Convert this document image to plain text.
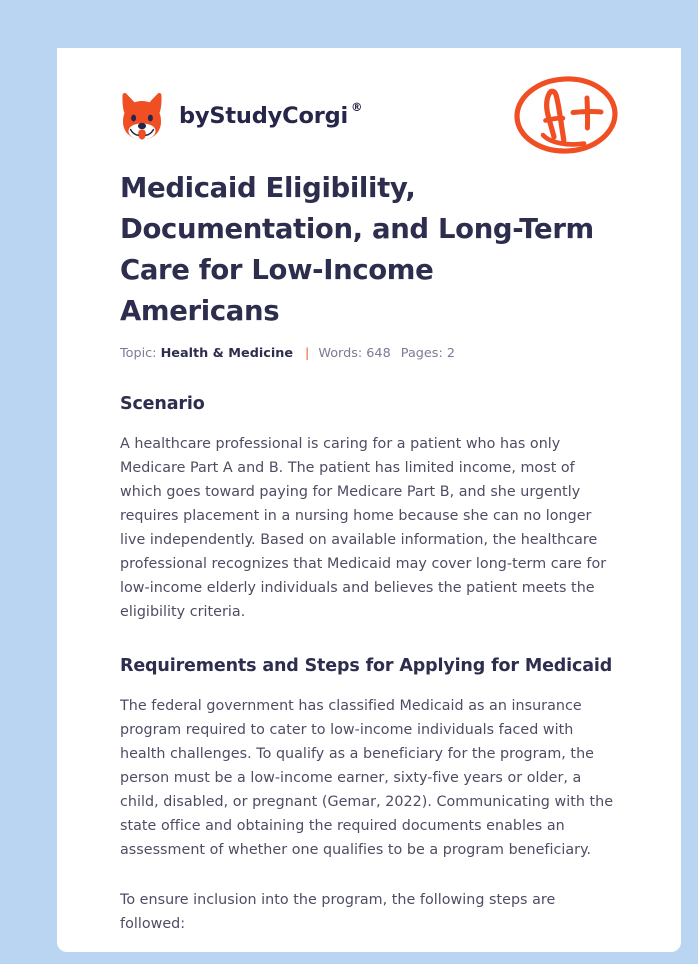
by StudyCorgi ®
Medicaid Eligibility, Documentation, and Long-Term Care for Low-Income Americans
Topic: Health & Medicine | Words: 648 Pages: 2
Scenario

A healthcare professional is caring for a patient who has only Medicare Part A and B. The patient has limited income, most of which goes toward paying for Medicare Part B, and she urgently requires placement in a nursing home because she can no longer live independently. Based on available information, the healthcare professional recognizes that Medicaid may cover long-term care for low-income elderly individuals and believes the patient meets the eligibility criteria.

Requirements and Steps for Applying for Medicaid

The federal government has classified Medicaid as an insurance program required to cater to low-income individuals faced with health challenges. To qualify as a beneficiary for the program, the person must be a low-income earner, sixty-five years or older, a child, disabled, or pregnant (Gemar, 2022). Communicating with the state office and obtaining the required documents enables an assessment of whether one qualifies to be a program beneficiary.

To ensure inclusion into the program, the following steps are followed:
